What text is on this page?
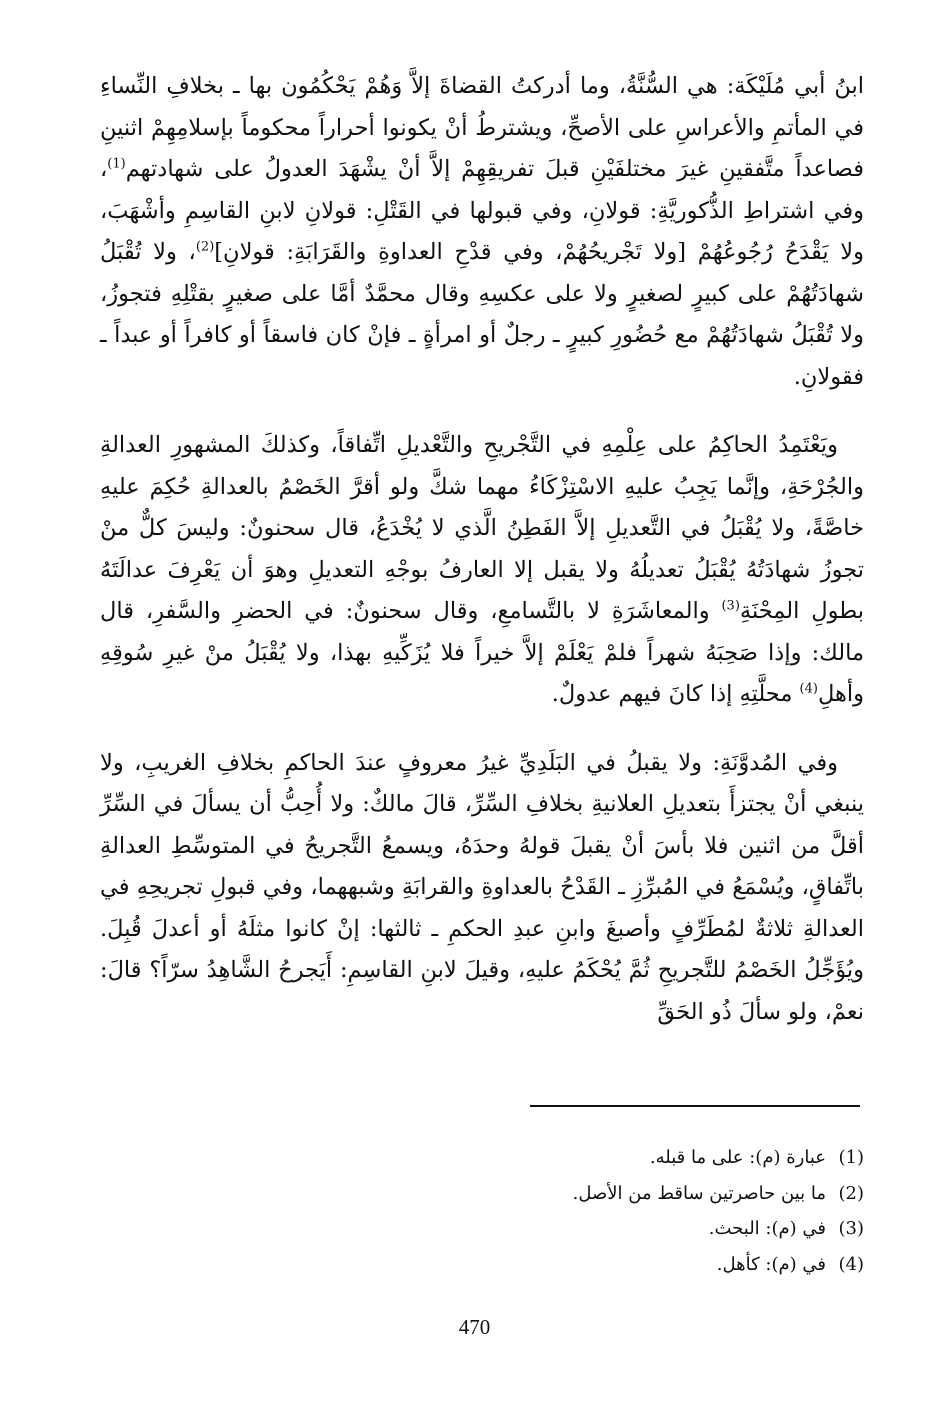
ابنُ أبي مُلَيْكَة: هي السُّنَّةُ، وما أدركتُ القضاةَ إلاَّ وَهُمْ يَحْكُمُون بها ـ بخلافِ النِّساءِ في المأتمِ والأعراسِ على الأصحِّ، ويشترطُ أنْ يكونوا أحراراً محكوماً بإسلامِهِمْ اثنينِ فصاعداً متَّفقينِ غيرَ مختلفَيْنِ قبلَ تفريقِهِمْ إلاَّ أنْ يشْهَدَ العدولُ على شهادتهم$^{(1)}$، وفي اشتراطِ الذُّكوريَّةِ: قولانِ، وفي قبولها في القَتْلِ: قولانِ لابنِ القاسِمِ وأشْهَبَ، ولا يَقْدَحُ رُجُوعُهُمْ [ولا تَجْريحُهُمْ، وفي قدْحِ العداوةِ والقَرَابَةِ: قولانِ]$^{(2)}$، ولا تُقْبَلُ شهادَتُهُمْ على كبيرٍ لصغيرٍ ولا على عكسِهِ وقال محمَّدٌ أمَّا على صغيرٍ بقتْلِهِ فتجوزُ، ولا تُقْبَلُ شهادَتُهُمْ مع حُضُورِ كبيرٍ ـ رجلٌ أو امرأةٍ ـ فإنْ كان فاسقاً أو كافراً أو عبداً ـ فقولانِ.

ويَعْتَمِدُ الحاكِمُ على عِلْمِهِ في التَّجْريحِ والتَّعْديلِ اتِّفاقاً، وكذلكَ المشهورِ العدالةِ والجُرْحَةِ، وإنَّما يَجِبُ عليهِ الاسْتِزْكَاءُ مهما شكَّ ولو أقرَّ الخَصْمُ بالعدالةِ حُكِمَ عليهِ خاصَّةً، ولا يُقْبَلُ في التَّعديلِ إلاَّ الفَطِنُ الَّذي لا يُخْدَعُ، قال سحنونٌ: وليسَ كلٌّ منْ تجوزُ شهادَتُهُ يُقْبَلُ تعديلُهُ ولا يقبل إلا العارفُ بوجْهِ التعديلِ وهوَ أن يَعْرِفَ عدالَتَهُ بطولِ المِحْنَةِ$^{(3)}$ والمعاشَرَةِ لا بالتَّسامعِ، وقال سحنونٌ: في الحضرِ والسَّفرِ، قال مالك: وإذا صَحِبَهُ شهراً فلمْ يَعْلَمْ إلاَّ خيراً فلا يُزَكِّيهِ بهذا، ولا يُقْبَلُ منْ غيرِ سُوقِهِ وأهلِ$^{(4)}$ محلَّتِهِ إذا كانَ فيهم عدولٌ.

وفي المُدوَّنَةِ: ولا يقبلُ في البَلَدِيِّ غيرُ معروفٍ عندَ الحاكمِ بخلافِ الغريبِ، ولا ينبغي أنْ يجتزأَ بتعديلِ العلانيةِ بخلافِ السِّرِّ، قالَ مالكٌ: ولا أُحِبُّ أن يسألَ في السِّرِّ أقلَّ من اثنين فلا بأسَ أنْ يقبلَ قولهُ وحدَهُ، ويسمعُ التَّجريحُ في المتوسِّطِ العدالةِ باتِّفاقٍ، ويُسْمَعُ في المُبرِّزِ ـ القَدْحُ بالعداوةِ والقرابَةِ وشبههما، وفي قبولِ تجريحِهِ في العدالةِ ثلاثةٌ لمُطَرِّفٍ وأصبغَ وابنِ عبدِ الحكمِ ـ ثالثها: إنْ كانوا مثلَهُ أو أعدلَ قُبِلَ. ويُؤَجِّلُ الخَصْمُ للتَّجريحِ ثُمَّ يُحْكَمُ عليهِ، وقيلَ لابنِ القاسِمِ: أَيَجرحُ الشَّاهِدُ سرّاً؟ قالَ: نعمْ، ولو سألَ ذُو الحَقِّ

(1)
عبارة (م): على ما قبله.
(2)
ما بين حاصرتين ساقط من الأصل.
(3)
في (م): البحث.
(4)
في (م): كأهل.
470
